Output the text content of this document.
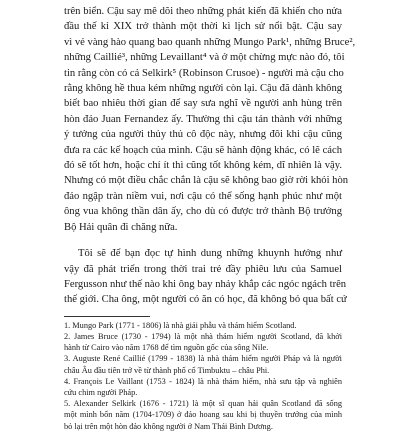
trên biển. Cậu say mê dõi theo những phát kiến đã khiến cho nửa

đầu thế kỉ XIX trở thành một thời kì lịch sử nổi bật. Cậu say

vì vẻ vàng hào quang bao quanh những Mungo Park¹, những Bruce²,

những Caillié³, những Levaillant⁴ và ở một chừng mực nào đó, tôi

tin rằng còn có cả Selkirk⁵ (Robinson Crusoe) - người mà cậu cho

rằng không hề thua kém những người còn lại. Cậu đã dành không

biết bao nhiêu thời gian để say sưa nghĩ về người anh hùng trên

hòn đảo Juan Fernandez ấy. Thường thì cậu tán thành với những

ý tưởng của người thủy thủ cô độc này, nhưng đôi khi cậu cũng

đưa ra các kế hoạch của mình. Cậu sẽ hành động khác, có lẽ cách

đó sẽ tốt hơn, hoặc chí ít thì cũng tốt không kém, dĩ nhiên là vậy.

Nhưng có một điều chắc chắn là cậu sẽ không bao giờ rời khỏi hòn

đảo ngập tràn niềm vui, nơi cậu có thể sống hạnh phúc như một

ông vua không thần dân ấy, cho dù có được trở thành Bộ trưởng

Bộ Hải quân đi chăng nữa.

Tôi sẽ để bạn đọc tự hình dung những khuynh hướng như

vậy đã phát triển trong thời trai trẻ đầy phiêu lưu của Samuel

Fergusson như thế nào khi ông bay nhảy khắp các ngóc ngách trên

thế giới. Cha ông, một người có ăn có học, đã không bỏ qua bất cứ

1. Mungo Park (1771 - 1806) là nhà giải phẫu và thám hiểm Scotland.

2. James Bruce (1730 - 1794) là một nhà thám hiểm người Scotland, đã khởi

hành từ Cairo vào năm 1768 để tìm nguồn gốc của sông Nile.

3. Auguste René Caillié (1799 - 1838) là nhà thám hiểm người Pháp và là người

châu Âu đầu tiên trở về từ thành phố cổ Timbuktu – châu Phi.

4. François Le Vaillant (1753 - 1824) là nhà thám hiểm, nhà sưu tập và nghiên

cứu chim người Pháp.

5. Alexander Selkirk (1676 - 1721) là một sĩ quan hải quân Scotland đã sống

một mình bốn năm (1704-1709) ở đảo hoang sau khi bị thuyền trưởng của mình

bỏ lại trên một hòn đảo không người ở Nam Thái Bình Dương.
